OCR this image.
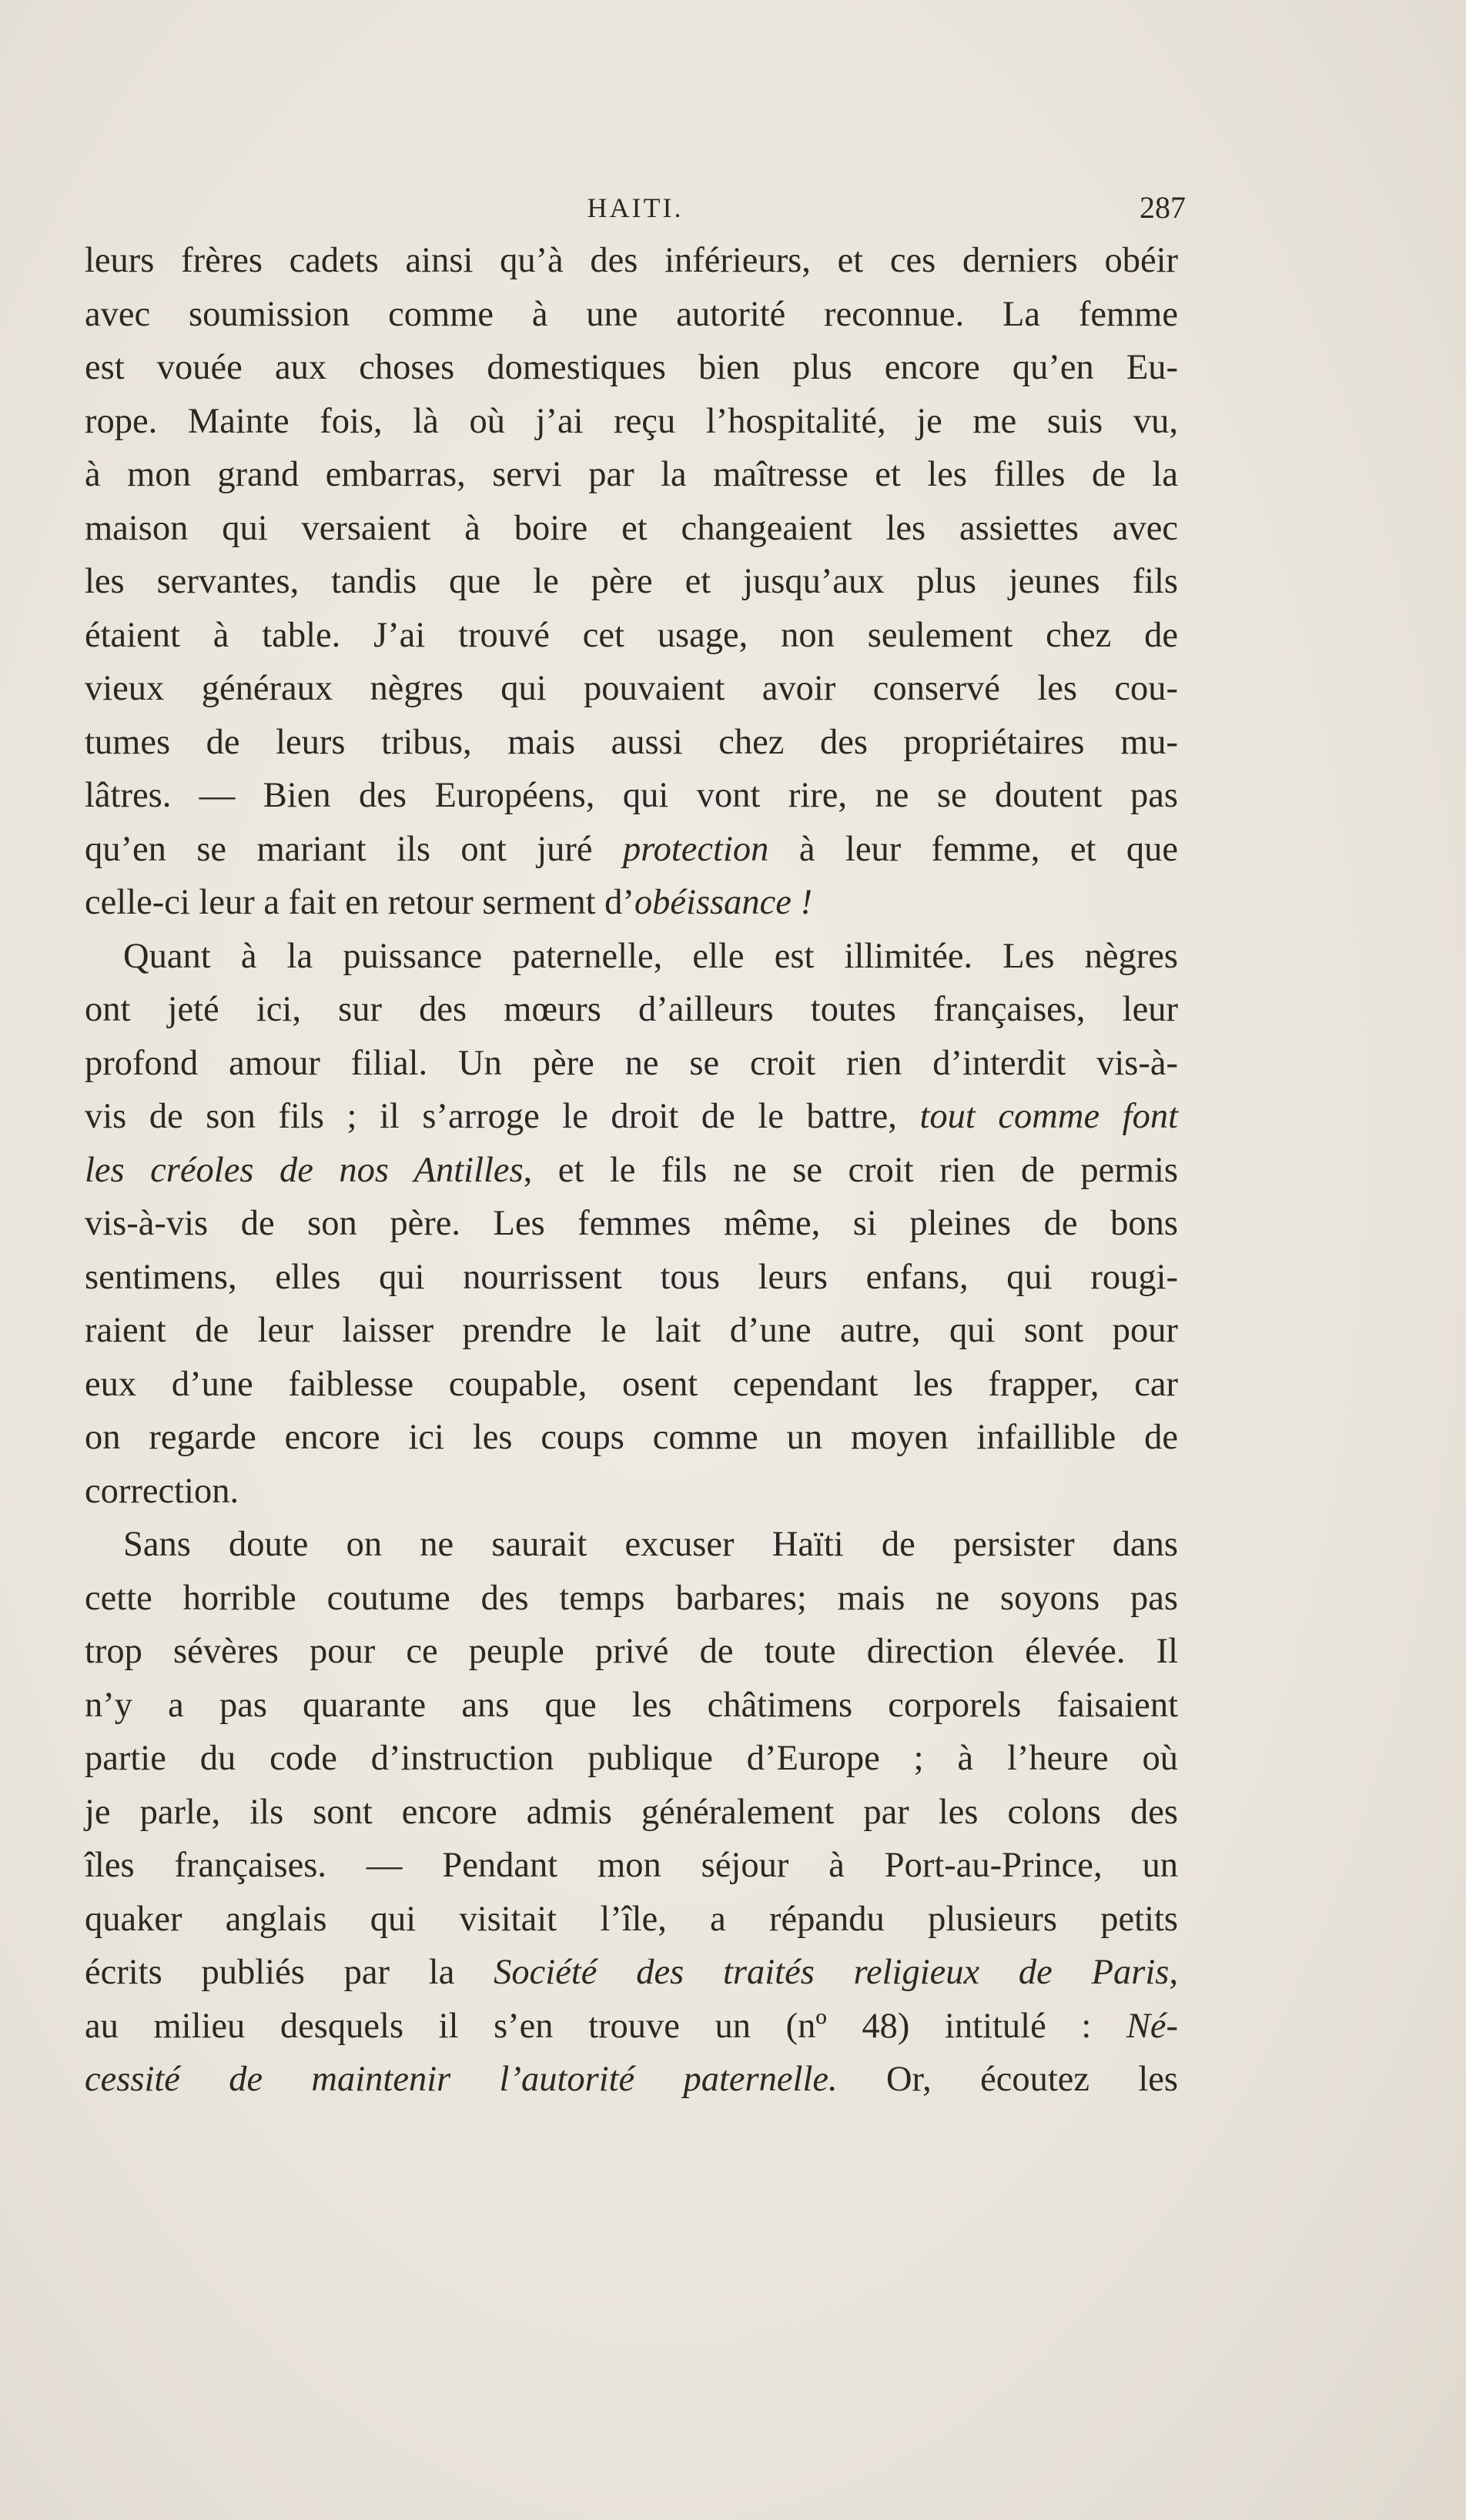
HAITI.	287
leurs frères cadets ainsi qu’à des inférieurs, et ces derniers obéir
avec soumission comme à une autorité reconnue. La femme
est vouée aux choses domestiques bien plus encore qu’en Eu-
rope. Mainte fois, là où j’ai reçu l’hospitalité, je me suis vu,
à mon grand embarras, servi par la maîtresse et les filles de la
maison qui versaient à boire et changeaient les assiettes avec
les servantes, tandis que le père et jusqu’aux plus jeunes fils
étaient à table. J’ai trouvé cet usage, non seulement chez de
vieux généraux nègres qui pouvaient avoir conservé les cou-
tumes de leurs tribus, mais aussi chez des propriétaires mu-
lâtres. — Bien des Européens, qui vont rire, ne se doutent pas
qu’en se mariant ils ont juré protection à leur femme, et que
celle-ci leur a fait en retour serment d’obéissance !
Quant à la puissance paternelle, elle est illimitée. Les nègres
ont jeté ici, sur des mœurs d’ailleurs toutes françaises, leur
profond amour filial. Un père ne se croit rien d’interdit vis-à-
vis de son fils ; il s’arroge le droit de le battre, tout comme font
les créoles de nos Antilles, et le fils ne se croit rien de permis
vis-à-vis de son père. Les femmes même, si pleines de bons
sentimens, elles qui nourrissent tous leurs enfans, qui rougi-
raient de leur laisser prendre le lait d’une autre, qui sont pour
eux d’une faiblesse coupable, osent cependant les frapper, car
on regarde encore ici les coups comme un moyen infaillible de
correction.
Sans doute on ne saurait excuser Haïti de persister dans
cette horrible coutume des temps barbares; mais ne soyons pas
trop sévères pour ce peuple privé de toute direction élevée. Il
n’y a pas quarante ans que les châtimens corporels faisaient
partie du code d’instruction publique d’Europe ; à l’heure où
je parle, ils sont encore admis généralement par les colons des
îles françaises. — Pendant mon séjour à Port-au-Prince, un
quaker anglais qui visitait l’île, a répandu plusieurs petits
écrits publiés par la Société des traités religieux de Paris,
au milieu desquels il s’en trouve un (nº 48) intitulé : Né-
cessité de maintenir l’autorité paternelle. Or, écoutez les
